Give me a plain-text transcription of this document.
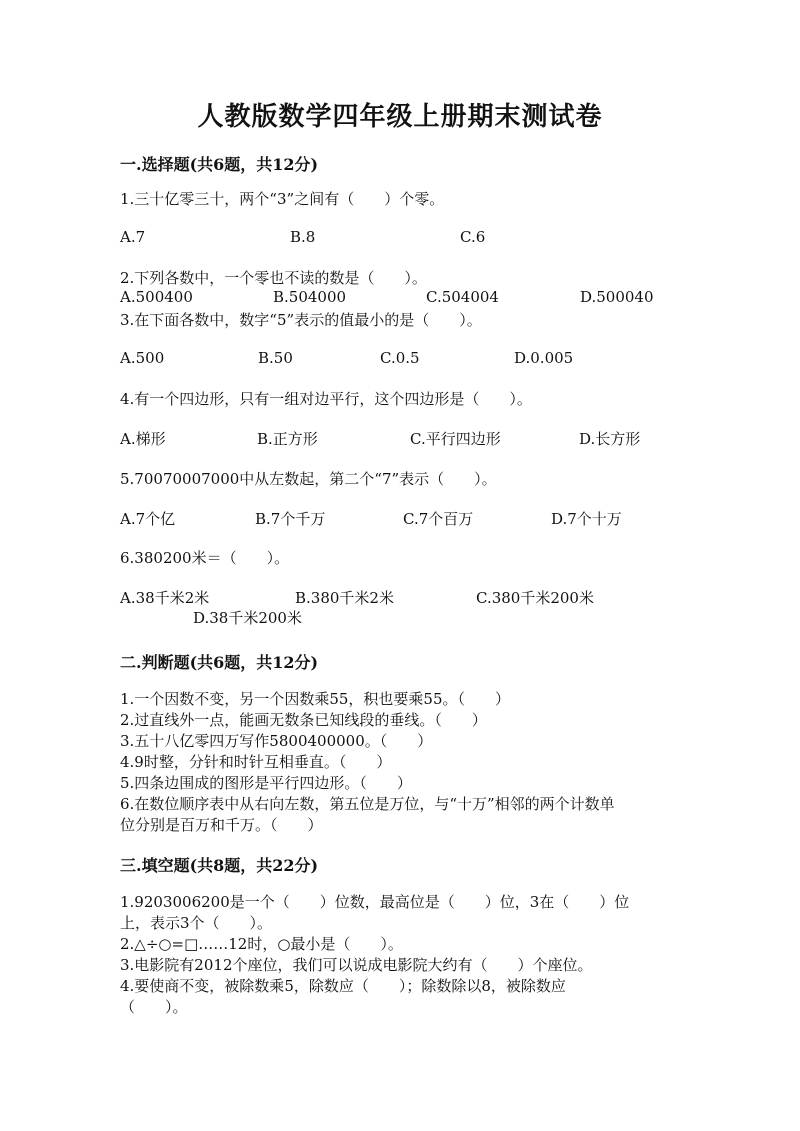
人教版数学四年级上册期末测试卷
一.选择题(共6题，共12分)
1.三十亿零三十，两个“3”之间有（　　）个零。
A.7	B.8	C.6
2.下列各数中，一个零也不读的数是（　　）。
A.500400	B.504000	C.504004	D.500040
3.在下面各数中，数字“5”表示的值最小的是（　　）。
A.500	B.50	C.0.5	D.0.005
4.有一个四边形，只有一组对边平行，这个四边形是（　　）。
A.梯形	B.正方形	C.平行四边形	D.长方形
5.70070007000中从左数起，第二个“7”表示（　　）。
A.7个亿	B.7个千万	C.7个百万	D.7个十万
6.380200米＝（　　）。
A.38千米2米	B.380千米2米	C.380千米200米
D.38千米200米
二.判断题(共6题，共12分)
1.一个因数不变，另一个因数乘55，积也要乘55。（　　）
2.过直线外一点，能画无数条已知线段的垂线。（　　）
3.五十八亿零四万写作5800400000。（　　）
4.9时整，分针和时针互相垂直。（　　）
5.四条边围成的图形是平行四边形。（　　）
6.在数位顺序表中从右向左数，第五位是万位，与“十万”相邻的两个计数单
位分别是百万和千万。（　　）
三.填空题(共8题，共22分)
1.9203006200是一个（　　）位数，最高位是（　　）位，3在（　　）位
上，表示3个（　　）。
2.△÷○=□……12时，○最小是（　　）。
3.电影院有2012个座位，我们可以说成电影院大约有（　　）个座位。
4.要使商不变，被除数乘5，除数应（　　）；除数除以8，被除数应
（　　）。
